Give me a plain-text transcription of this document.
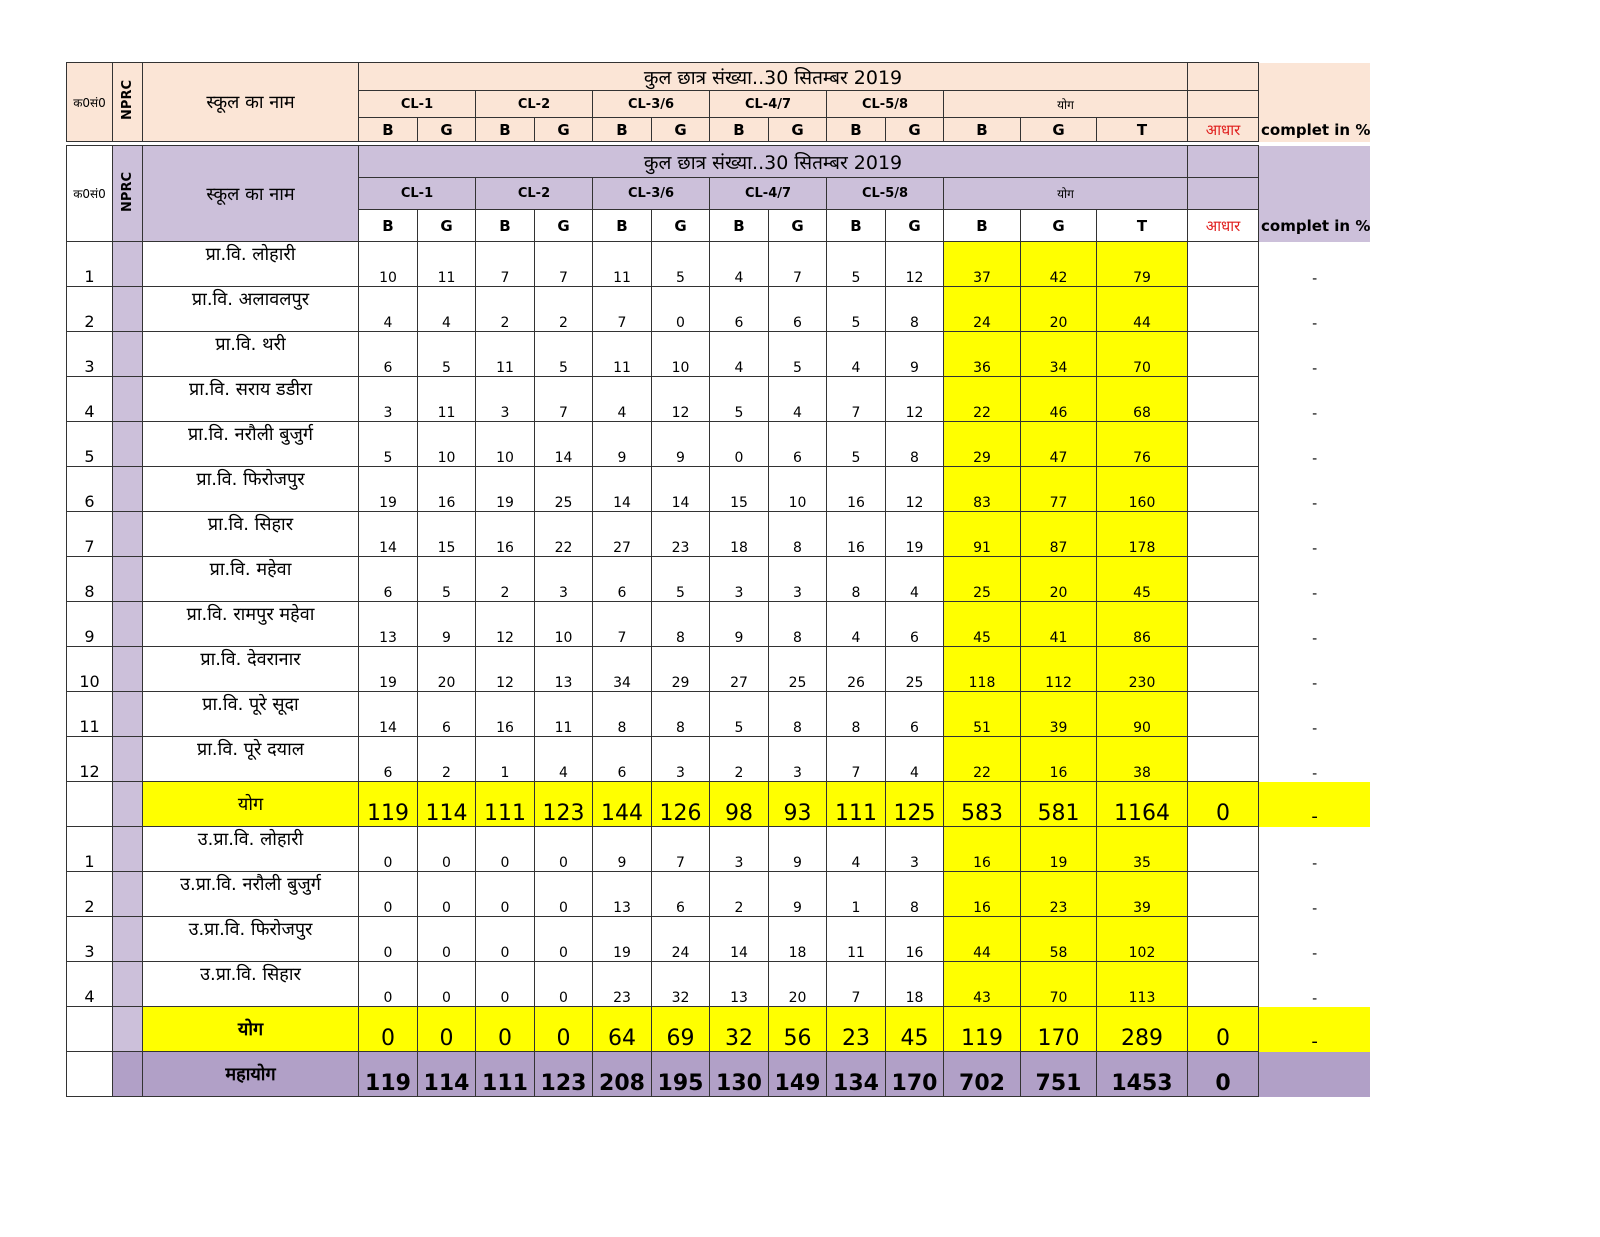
क0सं0	NPRC	स्कूल का नाम	कुल छात्र संख्या..30 सितम्बर 2019														
			CL-1		CL-2		CL-3/6		CL-4/7		CL-5/8		योग				
			B	G	B	G	B	G	B	G	B	G	B	G	T	आधार	complet in %
क0सं0	NPRC	स्कूल का नाम	कुल छात्र संख्या..30 सितम्बर 2019														
			CL-1		CL-2		CL-3/6		CL-4/7		CL-5/8		योग				
			B	G	B	G	B	G	B	G	B	G	B	G	T	आधार	complet in %
1		प्रा.वि. लोहारी	10	11	7	7	11	5	4	7	5	12	37	42	79		-
2		प्रा.वि. अलावलपुर	4	4	2	2	7	0	6	6	5	8	24	20	44		-
3		प्रा.वि. थरी	6	5	11	5	11	10	4	5	4	9	36	34	70		-
4		प्रा.वि. सराय डडीरा	3	11	3	7	4	12	5	4	7	12	22	46	68		-
5		प्रा.वि. नरौली बुजुर्ग	5	10	10	14	9	9	0	6	5	8	29	47	76		-
6		प्रा.वि. फिरोजपुर	19	16	19	25	14	14	15	10	16	12	83	77	160		-
7		प्रा.वि. सिहार	14	15	16	22	27	23	18	8	16	19	91	87	178		-
8		प्रा.वि. महेवा	6	5	2	3	6	5	3	3	8	4	25	20	45		-
9		प्रा.वि. रामपुर महेवा	13	9	12	10	7	8	9	8	4	6	45	41	86		-
10		प्रा.वि. देवरानार	19	20	12	13	34	29	27	25	26	25	118	112	230		-
11		प्रा.वि. पूरे सूदा	14	6	16	11	8	8	5	8	8	6	51	39	90		-
12		प्रा.वि. पूरे दयाल	6	2	1	4	6	3	2	3	7	4	22	16	38		-
		योग	119	114	111	123	144	126	98	93	111	125	583	581	1164	0	-
1		उ.प्रा.वि. लोहारी	0	0	0	0	9	7	3	9	4	3	16	19	35		-
2		उ.प्रा.वि. नरौली बुजुर्ग	0	0	0	0	13	6	2	9	1	8	16	23	39		-
3		उ.प्रा.वि. फिरोजपुर	0	0	0	0	19	24	14	18	11	16	44	58	102		-
4		उ.प्रा.वि. सिहार	0	0	0	0	23	32	13	20	7	18	43	70	113		-
		योग	0	0	0	0	64	69	32	56	23	45	119	170	289	0	-
		महायोग	119	114	111	123	208	195	130	149	134	170	702	751	1453	0	
